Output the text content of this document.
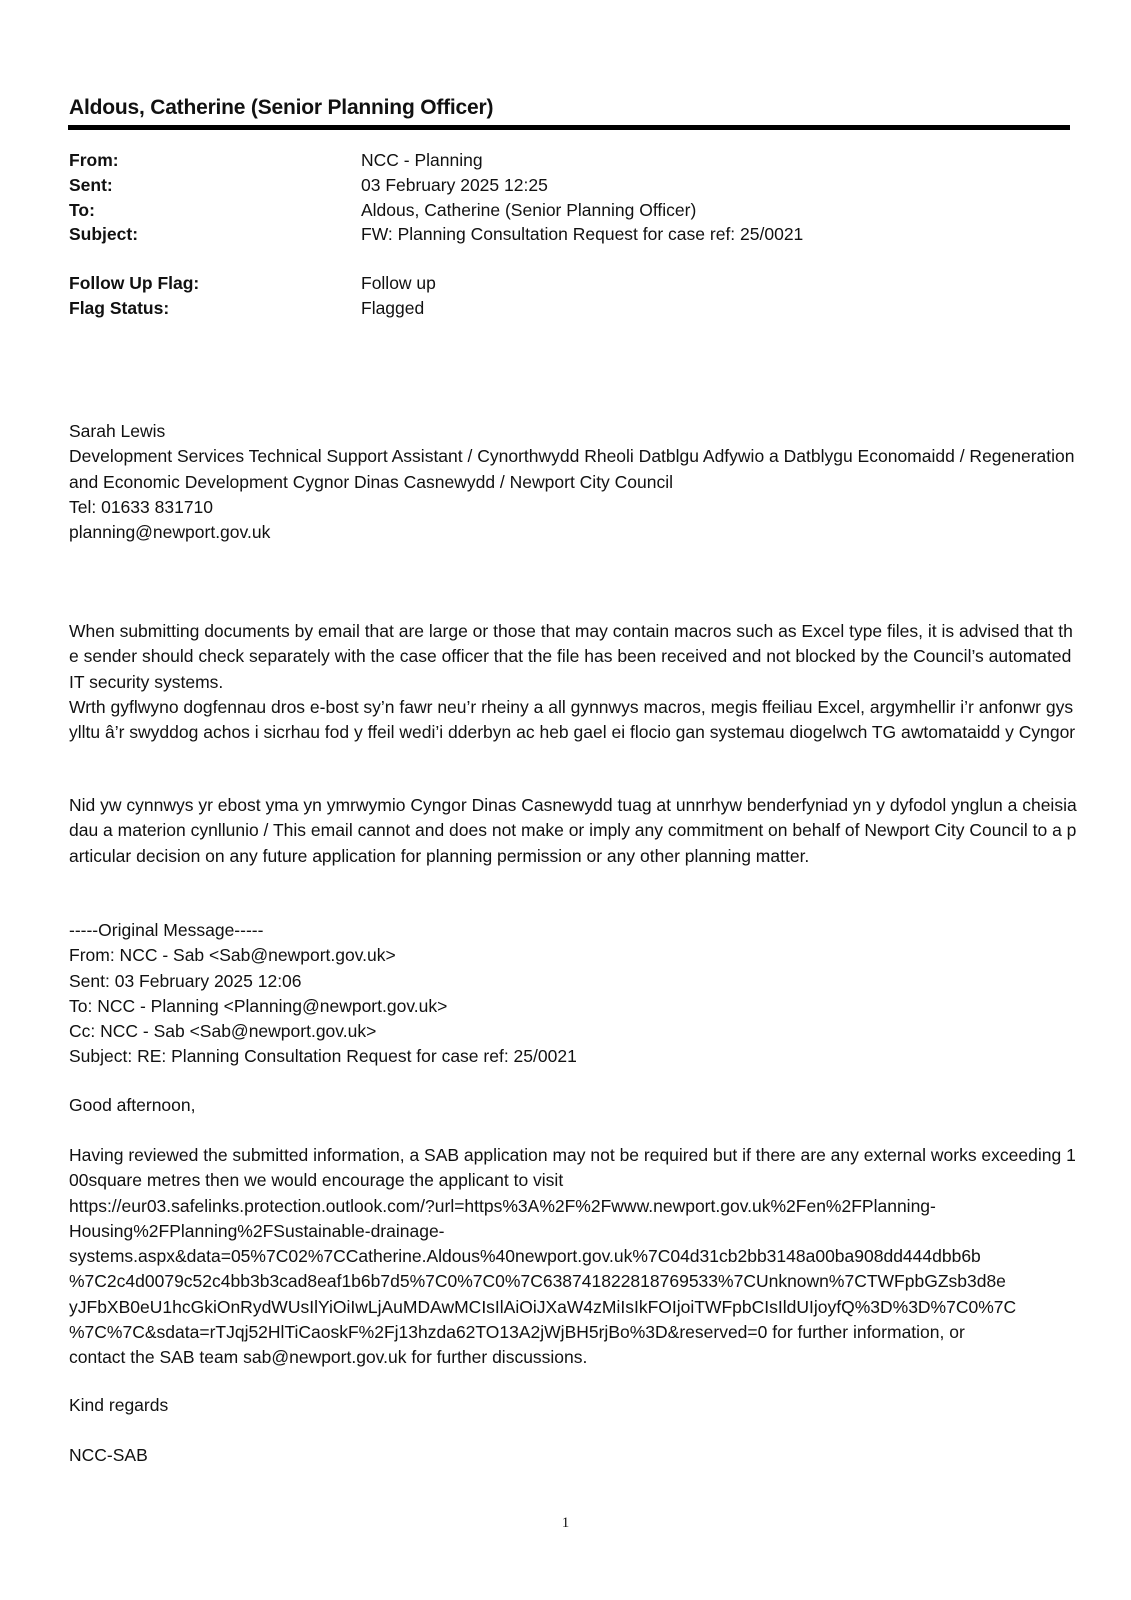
Aldous, Catherine (Senior Planning Officer)
From:	NCC - Planning
Sent:	03 February 2025 12:25
To:	Aldous, Catherine (Senior Planning Officer)
Subject:	FW: Planning Consultation Request for case ref: 25/0021
Follow Up Flag:	Follow up
Flag Status:	Flagged
Sarah Lewis
Development Services Technical Support Assistant / Cynorthwydd Rheoli Datblgu Adfywio a Datblygu Economaidd / Regeneration and Economic Development Cygnor Dinas Casnewydd / Newport City Council
Tel: 01633 831710
planning@newport.gov.uk
When submitting documents by email that are large or those that may contain macros such as Excel type files, it is advised that the sender should check separately with the case officer that the file has been received and not blocked by the Council’s automated IT security systems.
Wrth gyflwyno dogfennau dros e-bost sy’n fawr neu’r rheiny a all gynnwys macros, megis ffeiliau Excel, argymhellir i’r anfonwr gysylltu â’r swyddog achos i sicrhau fod y ffeil wedi’i dderbyn ac heb gael ei flocio gan systemau diogelwch TG awtomataidd y Cyngor
Nid yw cynnwys yr ebost yma yn ymrwymio Cyngor Dinas Casnewydd tuag at unnrhyw benderfyniad yn y dyfodol ynglun a cheisiadau a materion cynllunio / This email cannot and does not make or imply any commitment on behalf of Newport City Council to a particular decision on any future application for planning permission or any other planning matter.
-----Original Message-----
From: NCC - Sab <Sab@newport.gov.uk>
Sent: 03 February 2025 12:06
To: NCC - Planning <Planning@newport.gov.uk>
Cc: NCC - Sab <Sab@newport.gov.uk>
Subject: RE: Planning Consultation Request for case ref: 25/0021
Good afternoon,
Having reviewed the submitted information, a SAB application may not be required but if there are any external works exceeding 100square metres then we would encourage the applicant to visit
https://eur03.safelinks.protection.outlook.com/?url=https%3A%2F%2Fwww.newport.gov.uk%2Fen%2FPlanning-
Housing%2FPlanning%2FSustainable-drainage-
systems.aspx&data=05%7C02%7CCatherine.Aldous%40newport.gov.uk%7C04d31cb2bb3148a00ba908dd444dbb6b
%7C2c4d0079c52c4bb3b3cad8eaf1b6b7d5%7C0%7C0%7C638741822818769533%7CUnknown%7CTWFpbGZsb3d8e
yJFbXB0eU1hcGkiOnRydWUsIlYiOiIwLjAuMDAwMCIsIlAiOiJXaW4zMiIsIkFOIjoiTWFpbCIsIldUIjoyfQ%3D%3D%7C0%7C
%7C%7C&sdata=rTJqj52HlTiCaoskF%2Fj13hzda62TO13A2jWjBH5rjBo%3D&reserved=0 for further information, or
contact the SAB team sab@newport.gov.uk for further discussions.
Kind regards
NCC-SAB
1
